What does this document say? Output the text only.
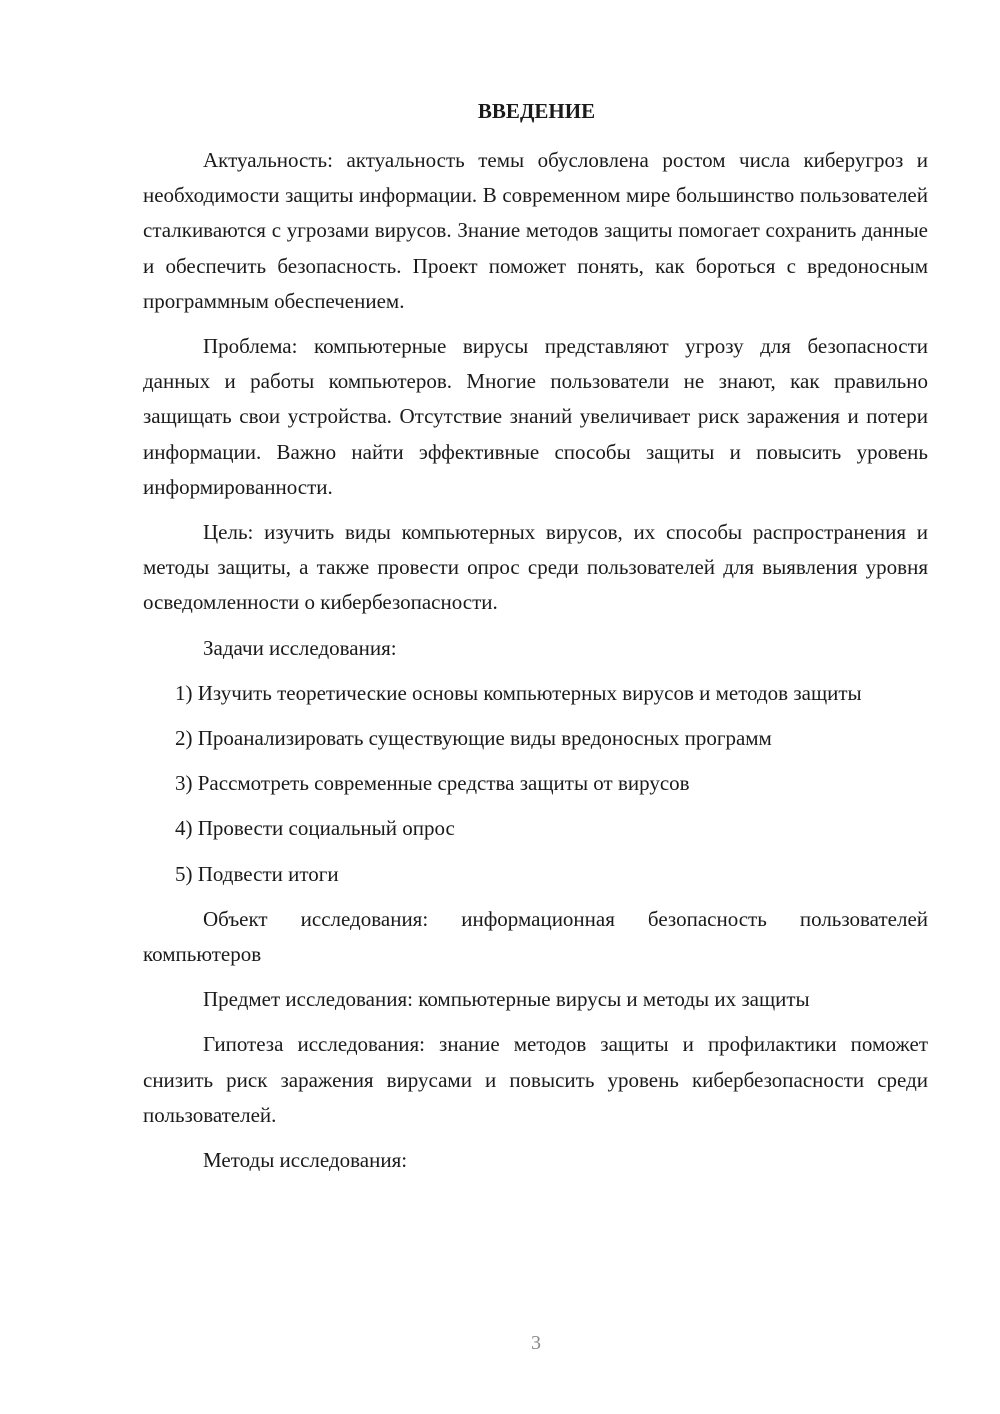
ВВЕДЕНИЕ

Актуальность: актуальность темы обусловлена ростом числа киберугроз и необходимости защиты информации. В современном мире большинство пользователей сталкиваются с угрозами вирусов. Знание методов защиты помогает сохранить данные и обеспечить безопасность. Проект поможет понять, как бороться с вредоносным программным обеспечением.

Проблема: компьютерные вирусы представляют угрозу для безопасности данных и работы компьютеров. Многие пользователи не знают, как правильно защищать свои устройства. Отсутствие знаний увеличивает риск заражения и потери информации. Важно найти эффективные способы защиты и повысить уровень информированности.

Цель: изучить виды компьютерных вирусов, их способы распространения и методы защиты, а также провести опрос среди пользователей для выявления уровня осведомленности о кибербезопасности.

Задачи исследования:

1) Изучить теоретические основы компьютерных вирусов и методов защиты

2) Проанализировать существующие виды вредоносных программ

3) Рассмотреть современные средства защиты от вирусов

4) Провести социальный опрос

5) Подвести итоги

Объект исследования: информационная безопасность пользователей компьютеров

Предмет исследования: компьютерные вирусы и методы их защиты

Гипотеза исследования: знание методов защиты и профилактики поможет снизить риск заражения вирусами и повысить уровень кибербезопасности среди пользователей.

Методы исследования:

3
